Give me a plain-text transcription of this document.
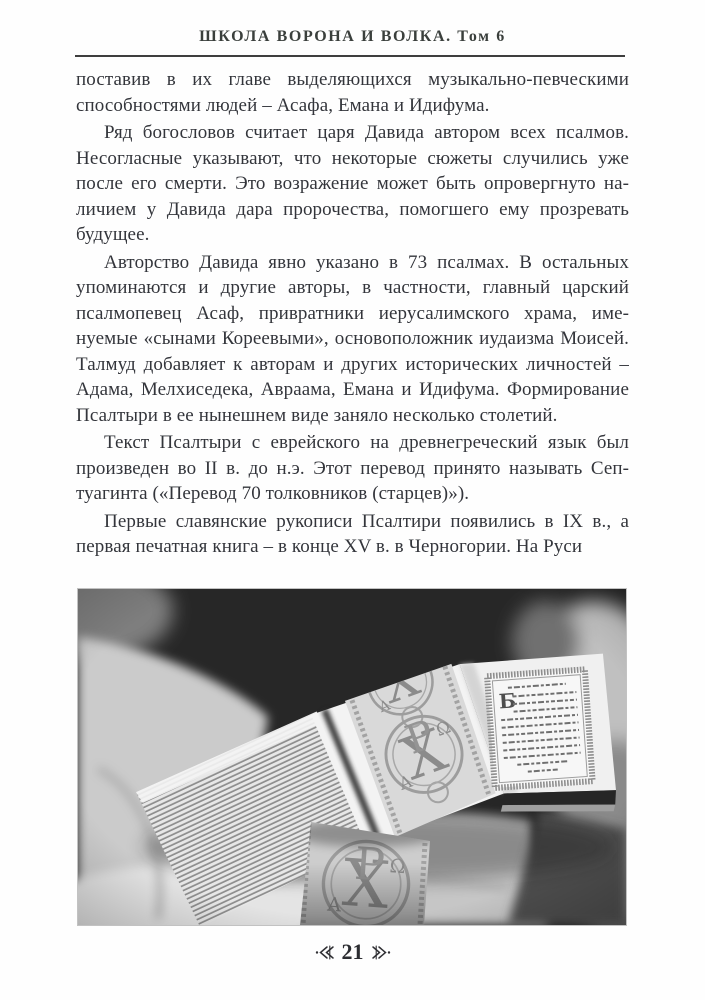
ШКОЛА ВОРОНА И ВОЛКА. Том 6

поставив в их главе выделяющихся музыкально-певческими способностями людей – Асафа, Емана и Идифума.

Ряд богословов считает царя Давида автором всех псалмов. Несогласные указывают, что некоторые сюжеты случились уже после его смерти. Это возражение может быть опровергнуто наличием у Давида дара пророчества, помогшего ему прозревать будущее.

Авторство Давида явно указано в 73 псалмах. В остальных упоминаются и другие авторы, в частности, главный царский псалмопевец Асаф, привратники иерусалимского храма, именуемые «сынами Кореевыми», основоположник иудаизма Моисей. Талмуд добавляет к авторам и других исторических личностей – Адама, Мелхиседека, Авраама, Емана и Идифума. Формирование Псалтыри в ее нынешнем виде заняло несколько столетий.

Текст Псалтыри с еврейского на древнегреческий язык был произведен во II в. до н.э. Этот перевод принято называть Септуагинта («Перевод 70 толковников (старцев)»).

Первые славянские рукописи Псалтири появились в IX в., а первая печатная книга – в конце XV в. в Черногории. На Руси

21
